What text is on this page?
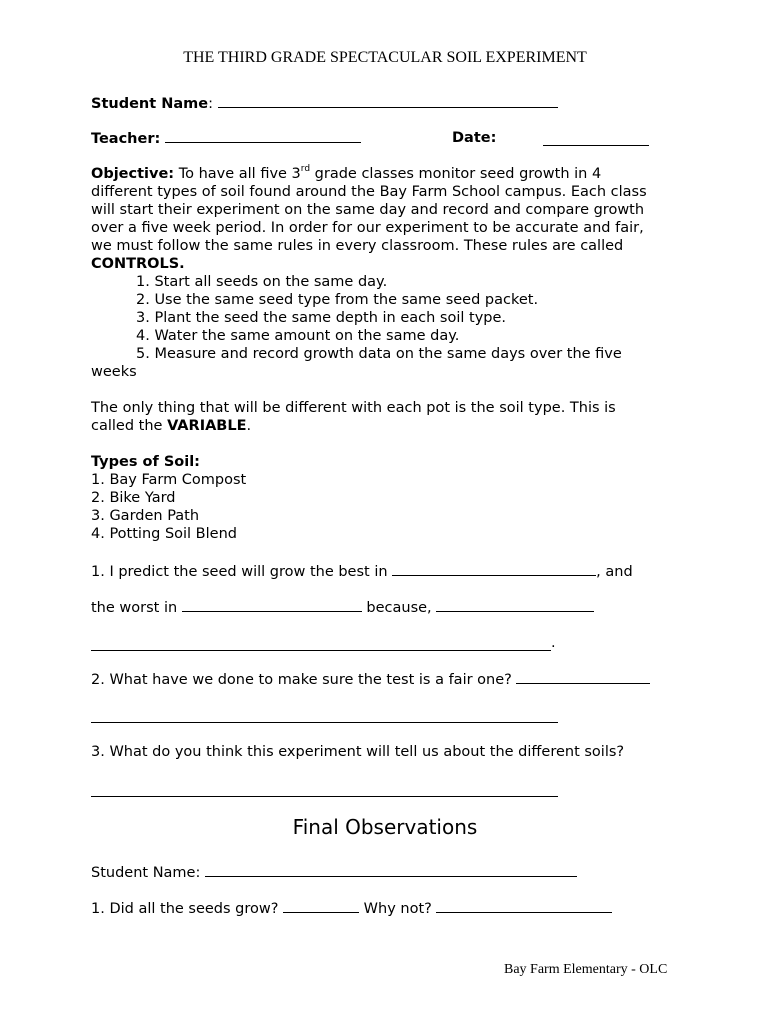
THE THIRD GRADE SPECTACULAR SOIL EXPERIMENT
Student Name:
Teacher:	Date:
Objective: To have all five 3rd grade classes monitor seed growth in 4
different types of soil found around the Bay Farm School campus. Each class
will start their experiment on the same day and record and compare growth
over a five week period. In order for our experiment to be accurate and fair,
we must follow the same rules in every classroom. These rules are called
CONTROLS.
1. Start all seeds on the same day.
2. Use the same seed type from the same seed packet.
3. Plant the seed the same depth in each soil type.
4. Water the same amount on the same day.
5. Measure and record growth data on the same days over the five
weeks
The only thing that will be different with each pot is the soil type. This is
called the VARIABLE.
Types of Soil:
1. Bay Farm Compost
2. Bike Yard
3. Garden Path
4. Potting Soil Blend
1. I predict the seed will grow the best in	, and
the worst in	because,
.
2. What have we done to make sure the test is a fair one?
3. What do you think this experiment will tell us about the different soils?
Final Observations
Student Name:
1. Did all the seeds grow?	Why not?
Bay Farm Elementary - OLC
